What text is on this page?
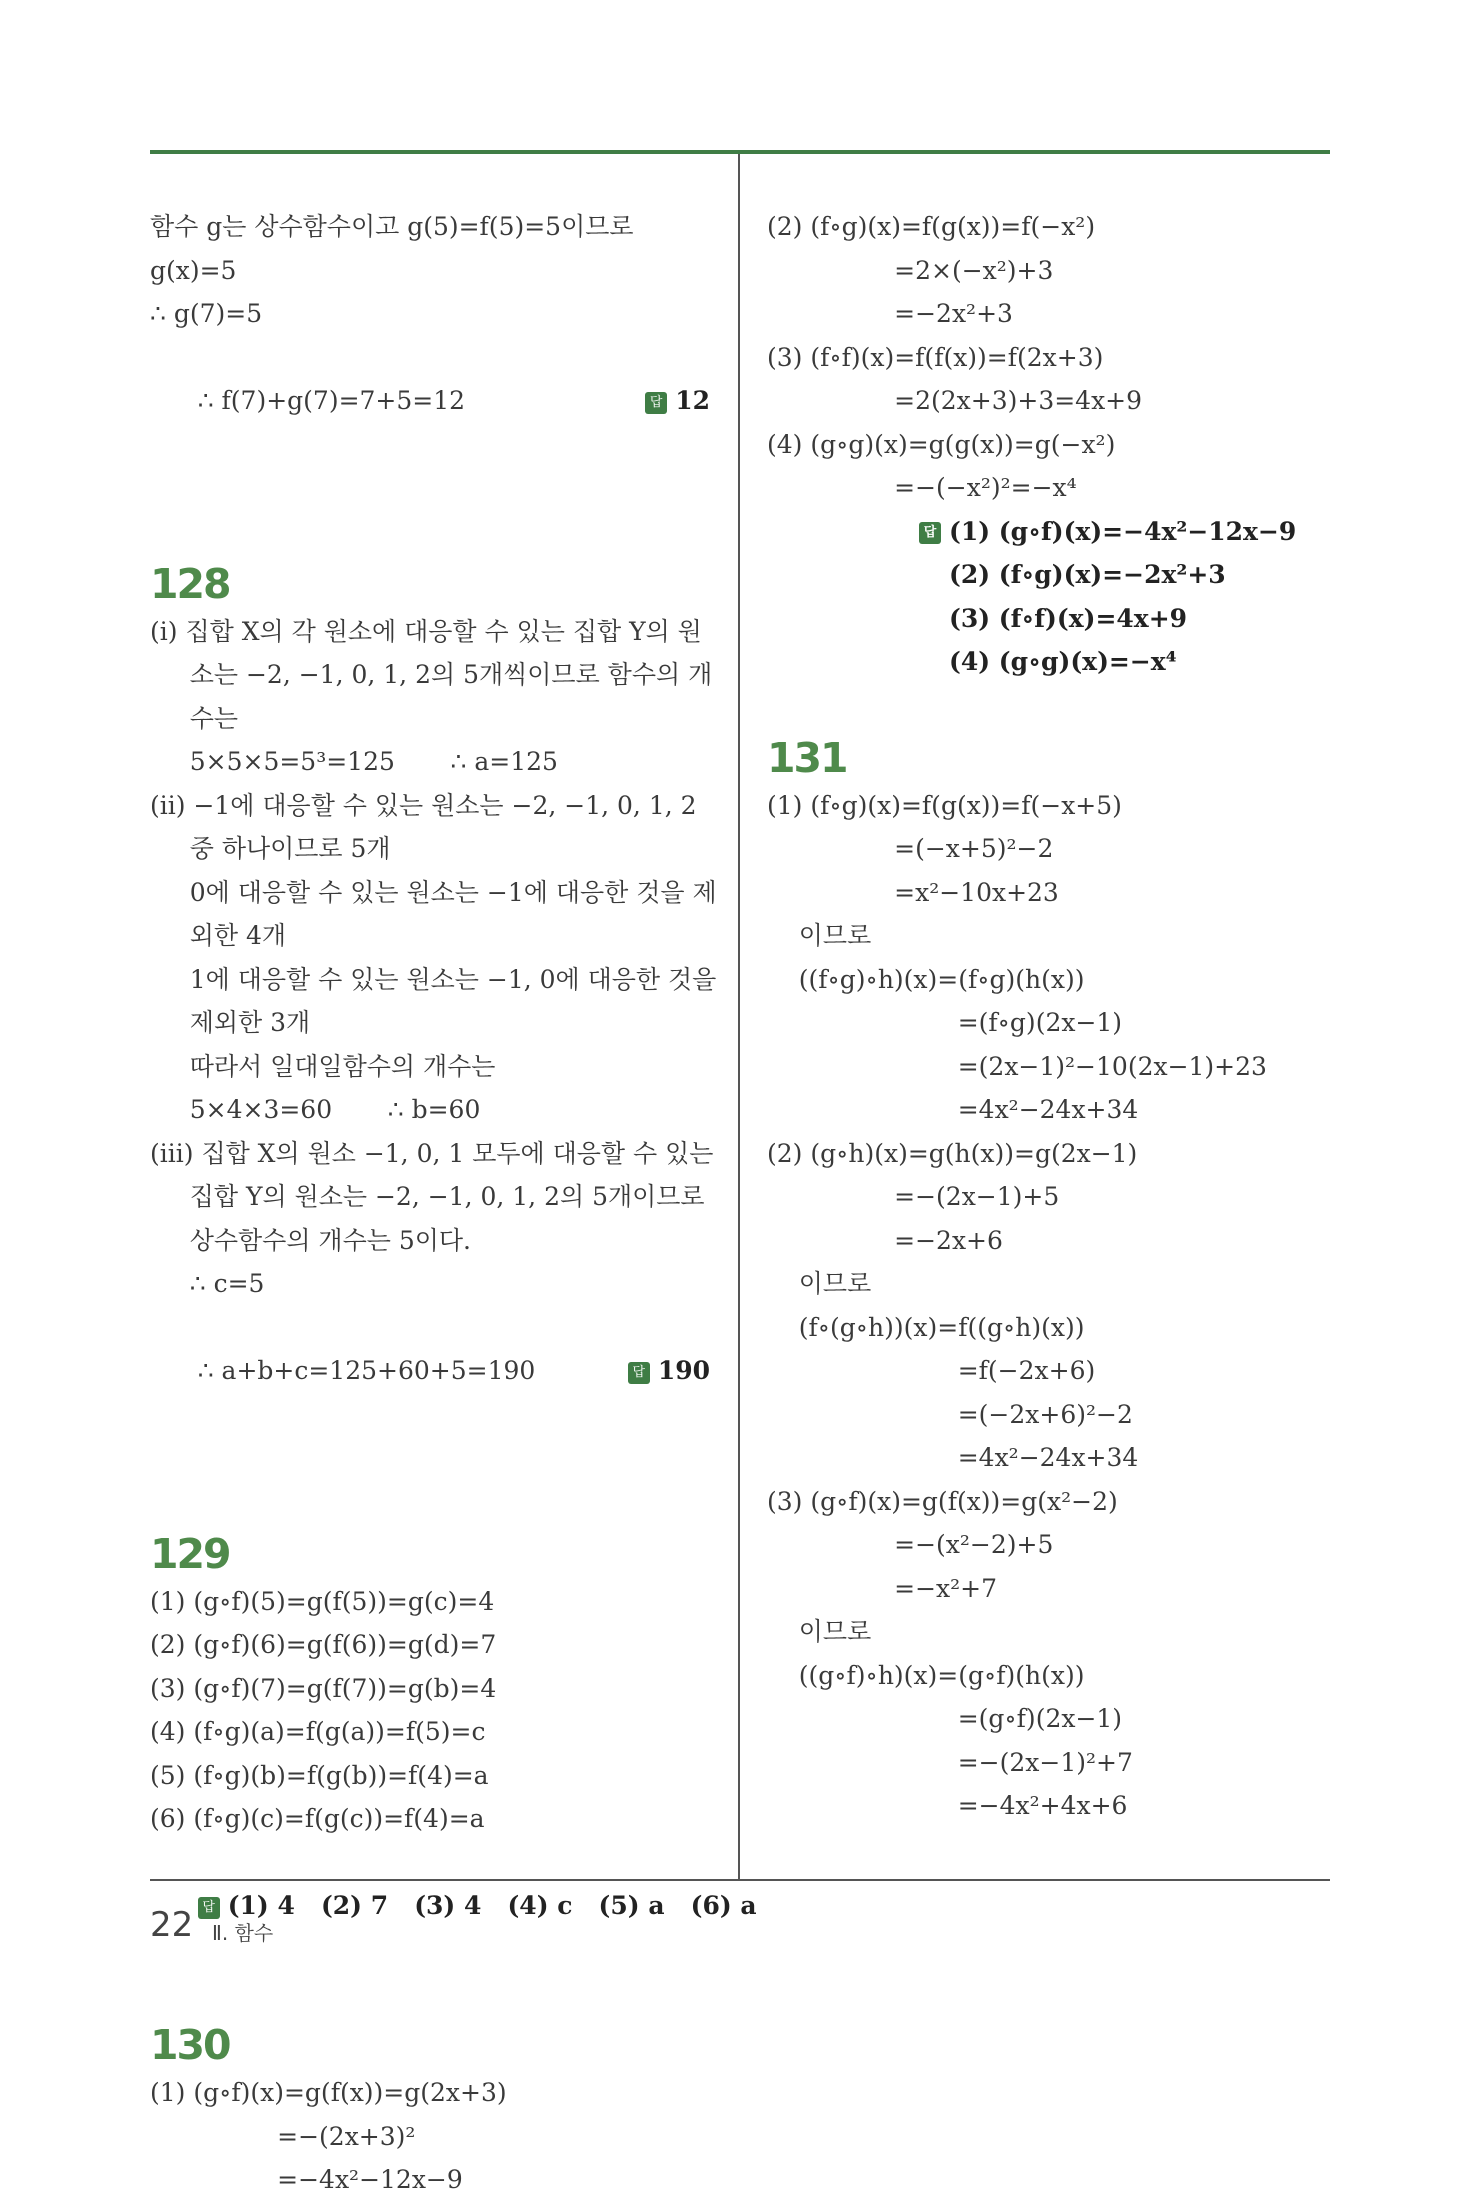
함수 g는 상수함수이고 g(5)=f(5)=5이므로
g(x)=5
∴ g(7)=5

∴ f(7)+g(7)=7+5=12
	답 12

128
(i) 집합 X의 각 원소에 대응할 수 있는 집합 Y의 원
소는 −2, −1, 0, 1, 2의 5개씩이므로 함수의 개
수는
5×5×5=5³=125       ∴ a=125
(ii) −1에 대응할 수 있는 원소는 −2, −1, 0, 1, 2
중 하나이므로 5개
0에 대응할 수 있는 원소는 −1에 대응한 것을 제
외한 4개
1에 대응할 수 있는 원소는 −1, 0에 대응한 것을
제외한 3개
따라서 일대일함수의 개수는
5×4×3=60       ∴ b=60
(iii) 집합 X의 원소 −1, 0, 1 모두에 대응할 수 있는
집합 Y의 원소는 −2, −1, 0, 1, 2의 5개이므로
상수함수의 개수는 5이다.
∴ c=5

∴ a+b+c=125+60+5=190
	답 190

129
(1) (g∘f)(5)=g(f(5))=g(c)=4
(2) (g∘f)(6)=g(f(6))=g(d)=7
(3) (g∘f)(7)=g(f(7))=g(b)=4
(4) (f∘g)(a)=f(g(a))=f(5)=c
(5) (f∘g)(b)=f(g(b))=f(4)=a
(6) (f∘g)(c)=f(g(c))=f(4)=a

답 (1) 4   (2) 7   (3) 4   (4) c   (5) a   (6) a

130
(1) (g∘f)(x)=g(f(x))=g(2x+3)
=−(2x+3)²
=−4x²−12x−9
(2) (f∘g)(x)=f(g(x))=f(−x²)
=2×(−x²)+3
=−2x²+3
(3) (f∘f)(x)=f(f(x))=f(2x+3)
=2(2x+3)+3=4x+9
(4) (g∘g)(x)=g(g(x))=g(−x²)
=−(−x²)²=−x⁴
답 (1) (g∘f)(x)=−4x²−12x−9
(2) (f∘g)(x)=−2x²+3
(3) (f∘f)(x)=4x+9
(4) (g∘g)(x)=−x⁴
131
(1) (f∘g)(x)=f(g(x))=f(−x+5)
=(−x+5)²−2
=x²−10x+23
이므로
((f∘g)∘h)(x)=(f∘g)(h(x))
=(f∘g)(2x−1)
=(2x−1)²−10(2x−1)+23
=4x²−24x+34
(2) (g∘h)(x)=g(h(x))=g(2x−1)
=−(2x−1)+5
=−2x+6
이므로
(f∘(g∘h))(x)=f((g∘h)(x))
=f(−2x+6)
=(−2x+6)²−2
=4x²−24x+34
(3) (g∘f)(x)=g(f(x))=g(x²−2)
=−(x²−2)+5
=−x²+7
이므로
((g∘f)∘h)(x)=(g∘f)(h(x))
=(g∘f)(2x−1)
=−(2x−1)²+7
=−4x²+4x+6
22 Ⅱ. 함수
